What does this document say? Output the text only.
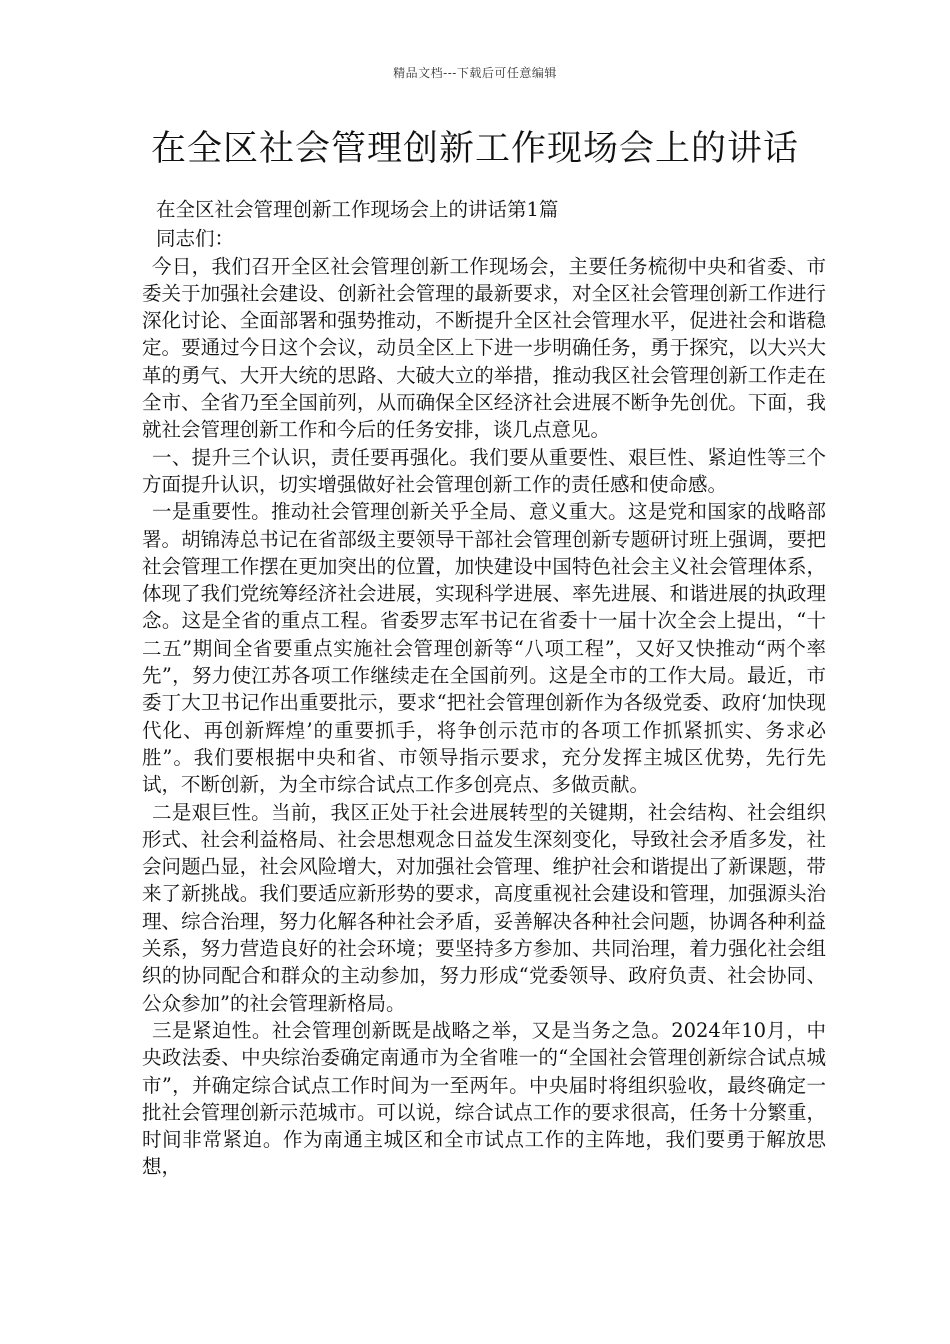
精品文档---下载后可任意编辑
在全区社会管理创新工作现场会上的讲话

在全区社会管理创新工作现场会上的讲话第1篇

同志们：

今日，我们召开全区社会管理创新工作现场会，主要任务梳彻中央和省委、市委关于加强社会建设、创新社会管理的最新要求，对全区社会管理创新工作进行深化讨论、全面部署和强势推动，不断提升全区社会管理水平，促进社会和谐稳定。要通过今日这个会议，动员全区上下进一步明确任务，勇于探究，以大兴大革的勇气、大开大统的思路、大破大立的举措，推动我区社会管理创新工作走在全市、全省乃至全国前列，从而确保全区经济社会进展不断争先创优。下面，我就社会管理创新工作和今后的任务安排，谈几点意见。

一、提升三个认识，责任要再强化。我们要从重要性、艰巨性、紧迫性等三个方面提升认识，切实增强做好社会管理创新工作的责任感和使命感。

一是重要性。推动社会管理创新关乎全局、意义重大。这是党和国家的战略部署。胡锦涛总书记在省部级主要领导干部社会管理创新专题研讨班上强调，要把社会管理工作摆在更加突出的位置，加快建设中国特色社会主义社会管理体系，体现了我们党统筹经济社会进展，实现科学进展、率先进展、和谐进展的执政理念。这是全省的重点工程。省委罗志军书记在省委十一届十次全会上提出，“十二五”期间全省要重点实施社会管理创新等“八项工程”，又好又快推动“两个率先”，努力使江苏各项工作继续走在全国前列。这是全市的工作大局。最近，市委丁大卫书记作出重要批示，要求“把社会管理创新作为各级党委、政府‘加快现代化、再创新辉煌’的重要抓手，将争创示范市的各项工作抓紧抓实、务求必胜”。我们要根据中央和省、市领导指示要求，充分发挥主城区优势，先行先试，不断创新，为全市综合试点工作多创亮点、多做贡献。

二是艰巨性。当前，我区正处于社会进展转型的关键期，社会结构、社会组织形式、社会利益格局、社会思想观念日益发生深刻变化，导致社会矛盾多发，社会问题凸显，社会风险增大，对加强社会管理、维护社会和谐提出了新课题，带来了新挑战。我们要适应新形势的要求，高度重视社会建设和管理，加强源头治理、综合治理，努力化解各种社会矛盾，妥善解决各种社会问题，协调各种利益关系，努力营造良好的社会环境；要坚持多方参加、共同治理，着力强化社会组织的协同配合和群众的主动参加，努力形成“党委领导、政府负责、社会协同、公众参加”的社会管理新格局。

三是紧迫性。社会管理创新既是战略之举，又是当务之急。2024年10月，中央政法委、中央综治委确定南通市为全省唯一的“全国社会管理创新综合试点城市”，并确定综合试点工作时间为一至两年。中央届时将组织验收，最终确定一批社会管理创新示范城市。可以说，综合试点工作的要求很高，任务十分繁重，时间非常紧迫。作为南通主城区和全市试点工作的主阵地，我们要勇于解放思想，
